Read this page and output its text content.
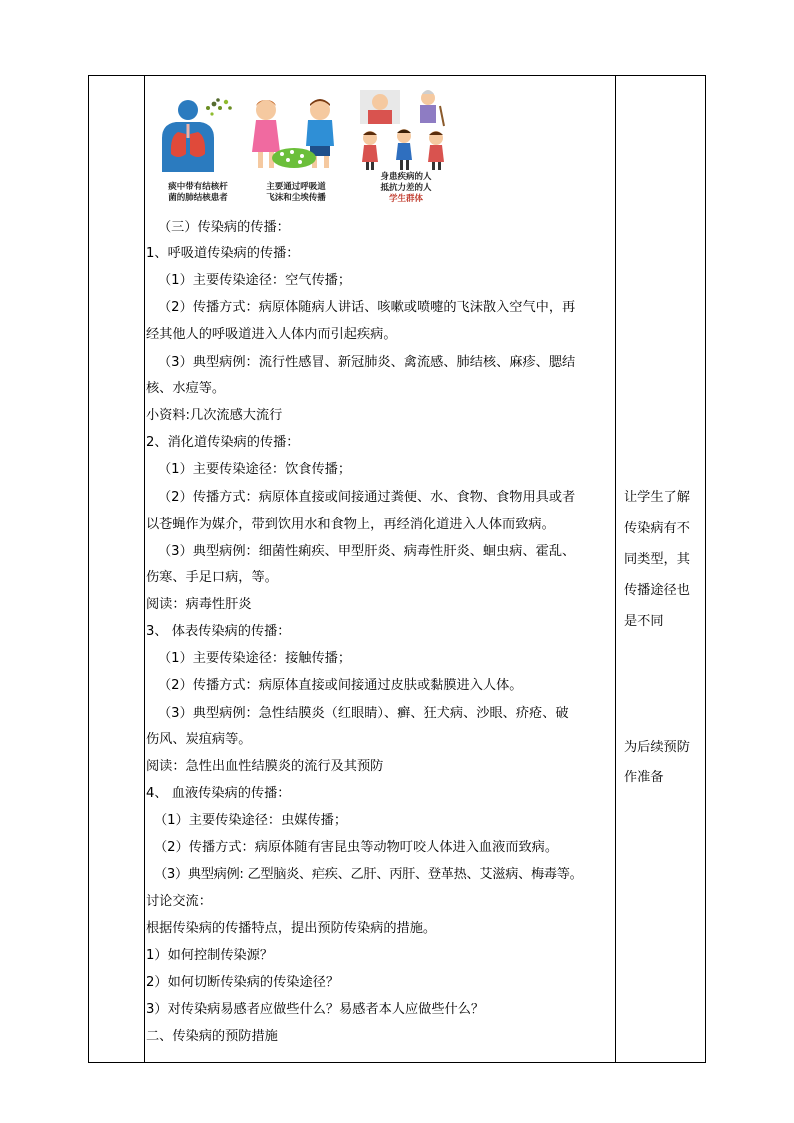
痰中带有结核杆
菌的肺结核患者
主要通过呼吸道
飞沫和尘埃传播
身患疾病的人
抵抗力差的人
学生群体
（三）传染病的传播：
1、呼吸道传染病的传播：
（1）主要传染途径：空气传播；
（2）传播方式：病原体随病人讲话、咳嗽或喷嚏的飞沫散入空气中，再
经其他人的呼吸道进入人体内而引起疾病。
（3）典型病例：流行性感冒、新冠肺炎、禽流感、肺结核、麻疹、腮结
核、水痘等。
小资料:几次流感大流行
2、消化道传染病的传播：
（1）主要传染途径：饮食传播；
（2）传播方式：病原体直接或间接通过粪便、水、食物、食物用具或者
以苍蝇作为媒介，带到饮用水和食物上，再经消化道进入人体而致病。
（3）典型病例：细菌性痢疾、甲型肝炎、病毒性肝炎、蛔虫病、霍乱、
伤寒、手足口病，等。
阅读：病毒性肝炎
3、 体表传染病的传播：
（1）主要传染途径：接触传播；
（2）传播方式：病原体直接或间接通过皮肤或黏膜进入人体。
（3）典型病例：急性结膜炎（红眼睛）、癣、狂犬病、沙眼、疥疮、破
伤风、炭疽病等。
阅读：急性出血性结膜炎的流行及其预防
4、 血液传染病的传播：
（1）主要传染途径：虫媒传播；
（2）传播方式：病原体随有害昆虫等动物叮咬人体进入血液而致病。
（3）典型病例: 乙型脑炎、疟疾、乙肝、丙肝、登革热、艾滋病、梅毒等。
讨论交流：
根据传染病的传播特点，提出预防传染病的措施。
1）如何控制传染源？
2）如何切断传染病的传染途径？
3）对传染病易感者应做些什么？易感者本人应做些什么？
二、传染病的预防措施
让学生了解
传染病有不
同类型，其
传播途径也
是不同
为后续预防
作准备
